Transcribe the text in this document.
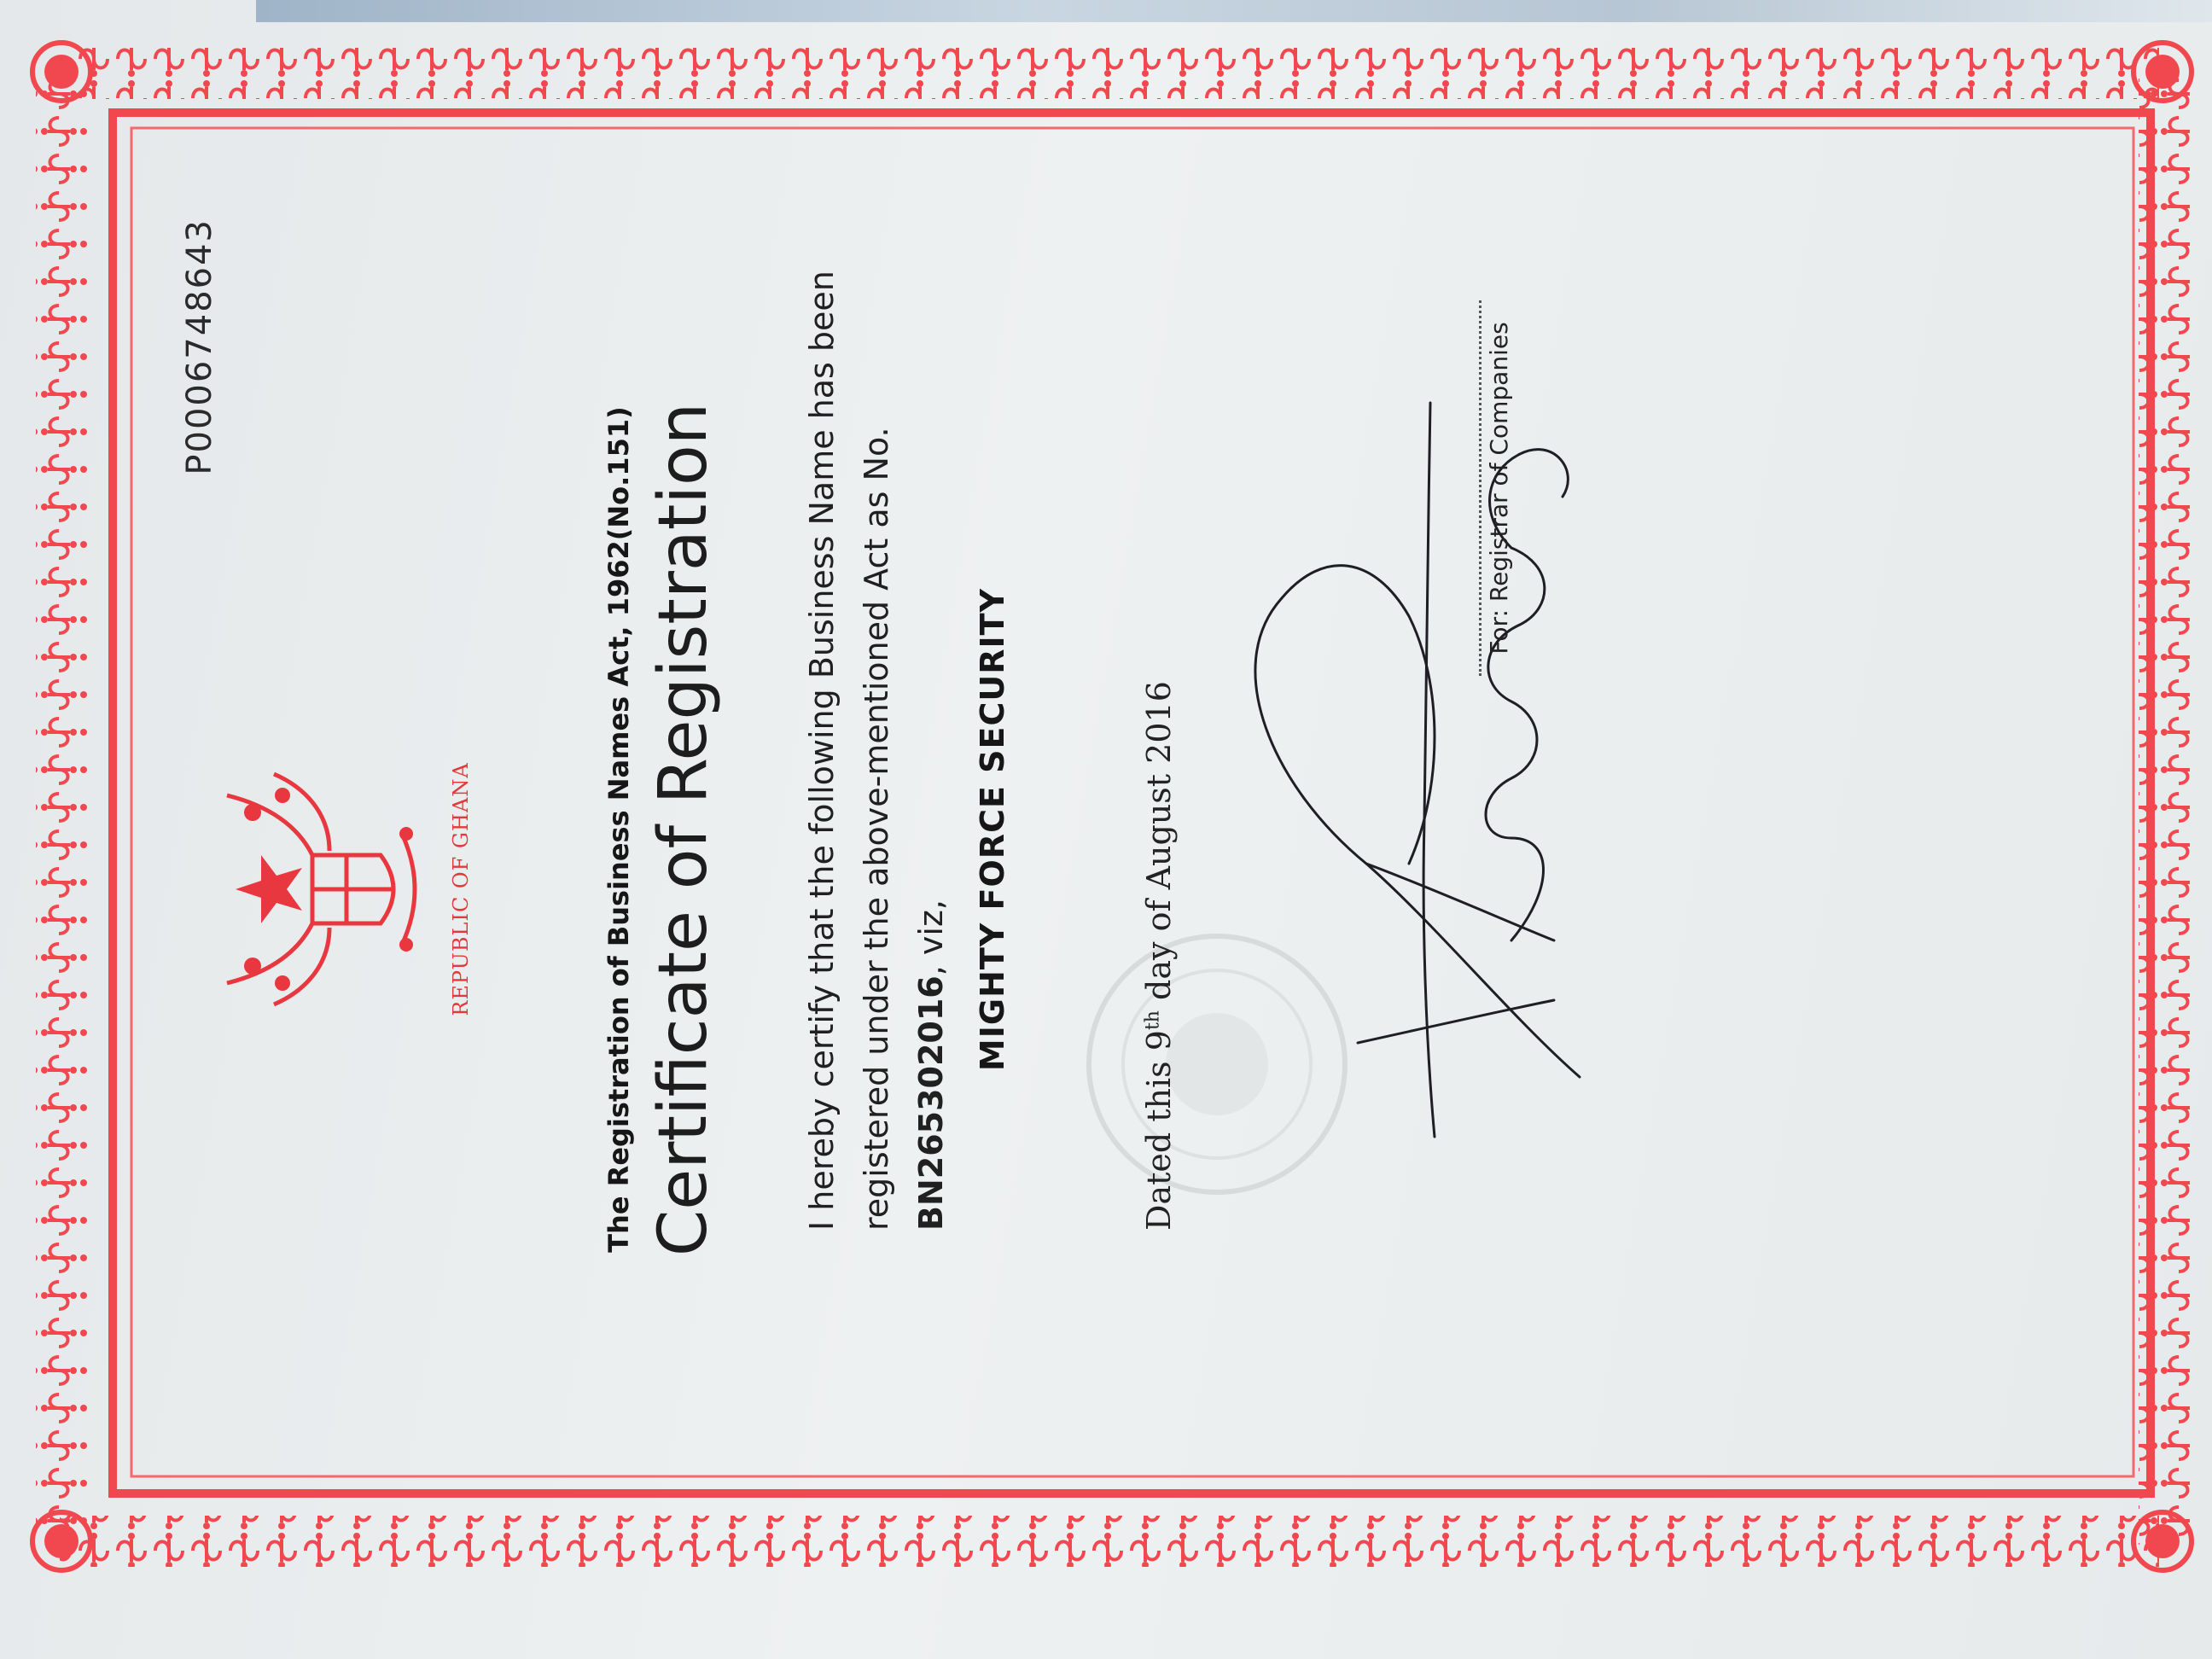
P0006748643
REPUBLIC OF GHANA	The Registration of Business Names Act, 1962(No.151) Certificate of Registration	I hereby certify that the following Business Name has been registered under the above-mentioned Act as No. BN265302016, viz, MIGHTY FORCE SECURITY
Dated this 9th day of August 2016
For: Registrar of Companies
